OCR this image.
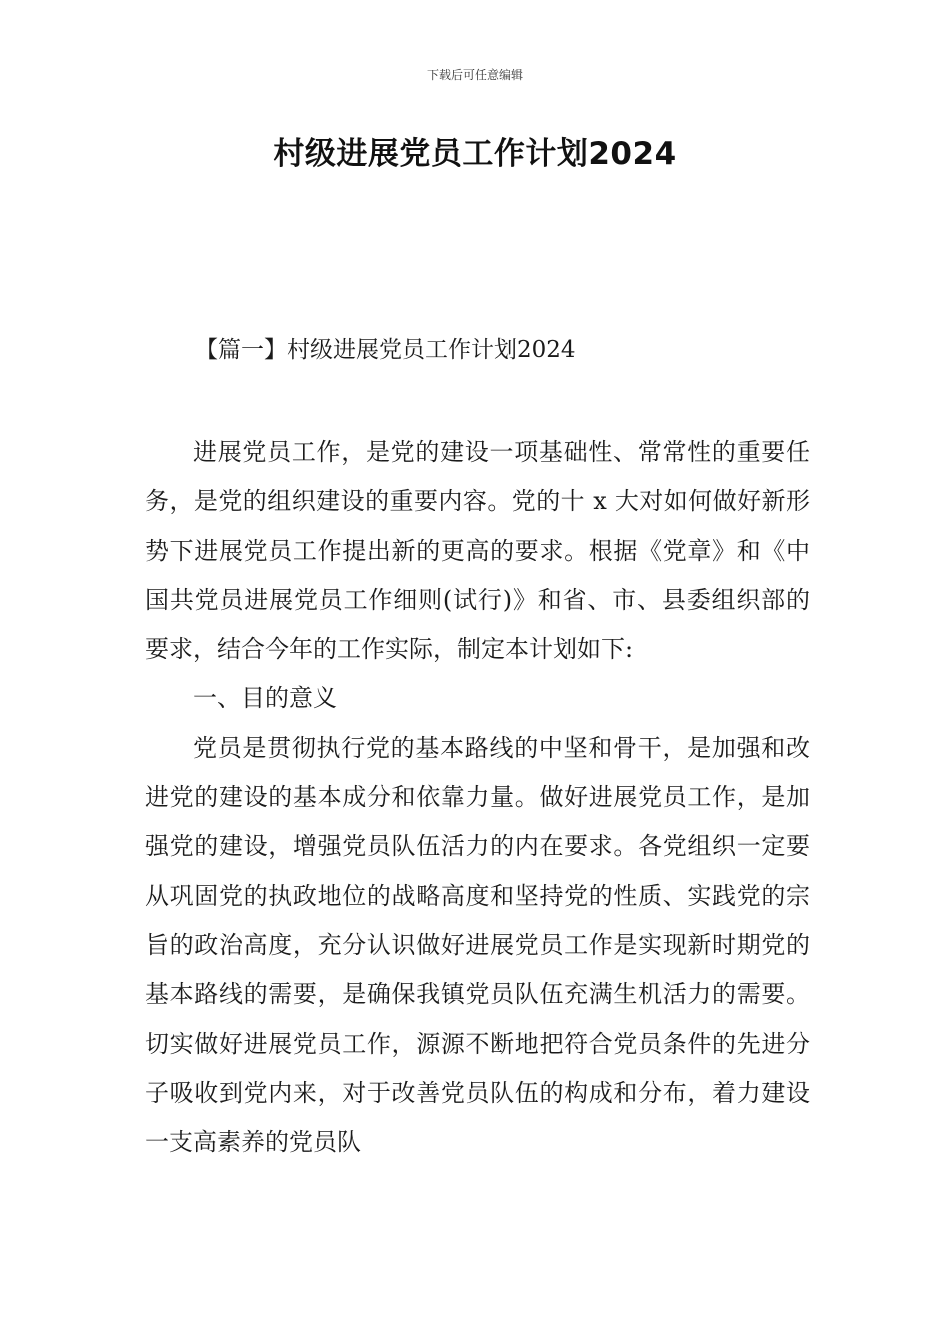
下载后可任意编辑
村级进展党员工作计划2024
【篇一】村级进展党员工作计划2024

进展党员工作，是党的建设一项基础性、常常性的重要任务，是党的组织建设的重要内容。党的十 x 大对如何做好新形势下进展党员工作提出新的更高的要求。根据《党章》和《中国共党员进展党员工作细则(试行)》和省、市、县委组织部的要求，结合今年的工作实际，制定本计划如下:

一、目的意义

党员是贯彻执行党的基本路线的中坚和骨干，是加强和改进党的建设的基本成分和依靠力量。做好进展党员工作，是加强党的建设，增强党员队伍活力的内在要求。各党组织一定要从巩固党的执政地位的战略高度和坚持党的性质、实践党的宗旨的政治高度，充分认识做好进展党员工作是实现新时期党的基本路线的需要，是确保我镇党员队伍充满生机活力的需要。切实做好进展党员工作，源源不断地把符合党员条件的先进分子吸收到党内来，对于改善党员队伍的构成和分布，着力建设一支高素养的党员队
